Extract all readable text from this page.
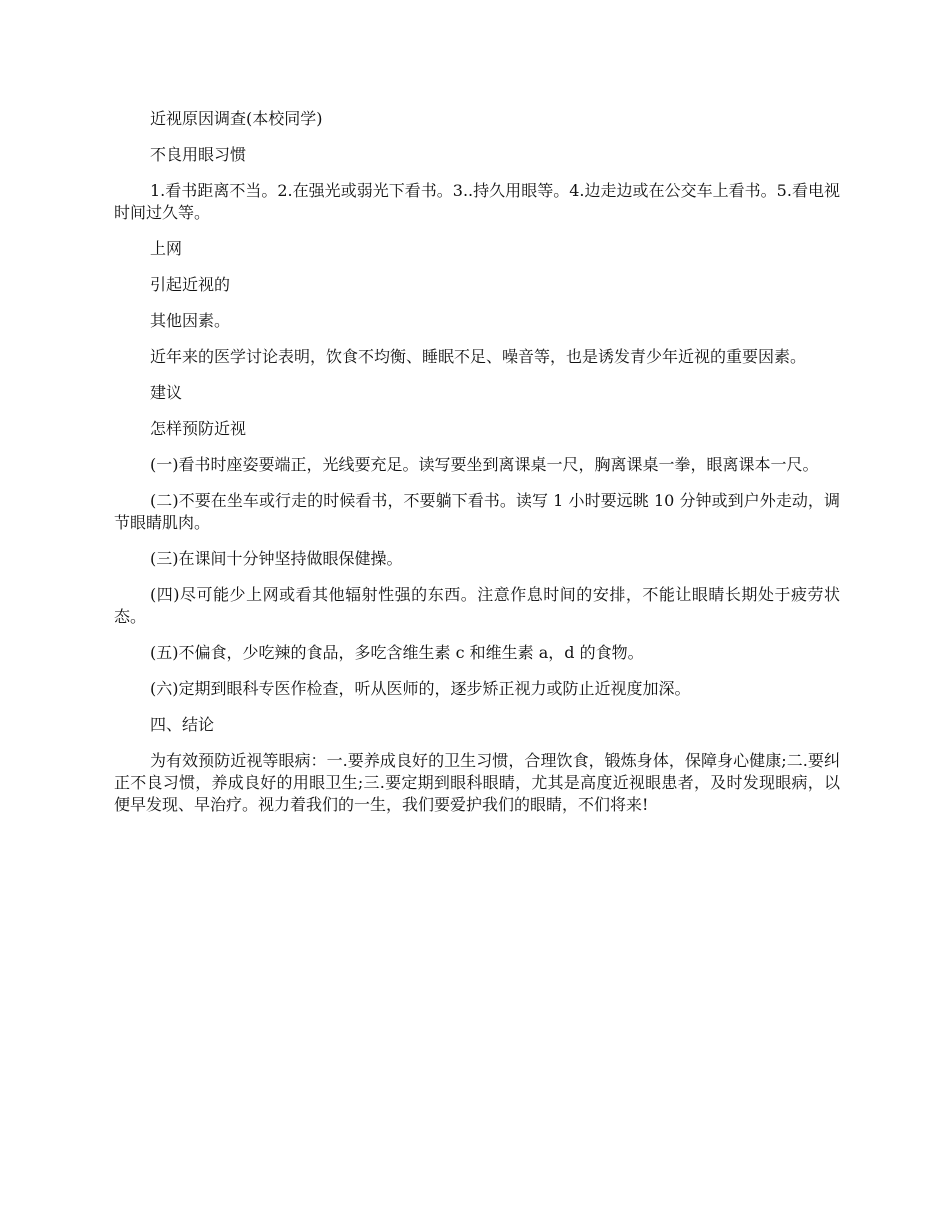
近视原因调查(本校同学)

不良用眼习惯

1.看书距离不当。2.在强光或弱光下看书。3..持久用眼等。4.边走边或在公交车上看书。5.看电视时间过久等。

上网

引起近视的

其他因素。

近年来的医学讨论表明，饮食不均衡、睡眠不足、噪音等，也是诱发青少年近视的重要因素。

建议

怎样预防近视

(一)看书时座姿要端正，光线要充足。读写要坐到离课桌一尺，胸离课桌一拳，眼离课本一尺。

(二)不要在坐车或行走的时候看书，不要躺下看书。读写 1 小时要远眺 10 分钟或到户外走动，调节眼睛肌肉。

(三)在课间十分钟坚持做眼保健操。

(四)尽可能少上网或看其他辐射性强的东西。注意作息时间的安排，不能让眼睛长期处于疲劳状态。

(五)不偏食，少吃辣的食品，多吃含维生素 c 和维生素 a，d 的食物。

(六)定期到眼科专医作检查，听从医师的，逐步矫正视力或防止近视度加深。

四、结论

为有效预防近视等眼病：一.要养成良好的卫生习惯，合理饮食，锻炼身体，保障身心健康;二.要纠正不良习惯，养成良好的用眼卫生;三.要定期到眼科眼睛，尤其是高度近视眼患者，及时发现眼病，以便早发现、早治疗。视力着我们的一生，我们要爱护我们的眼睛，不们将来!
